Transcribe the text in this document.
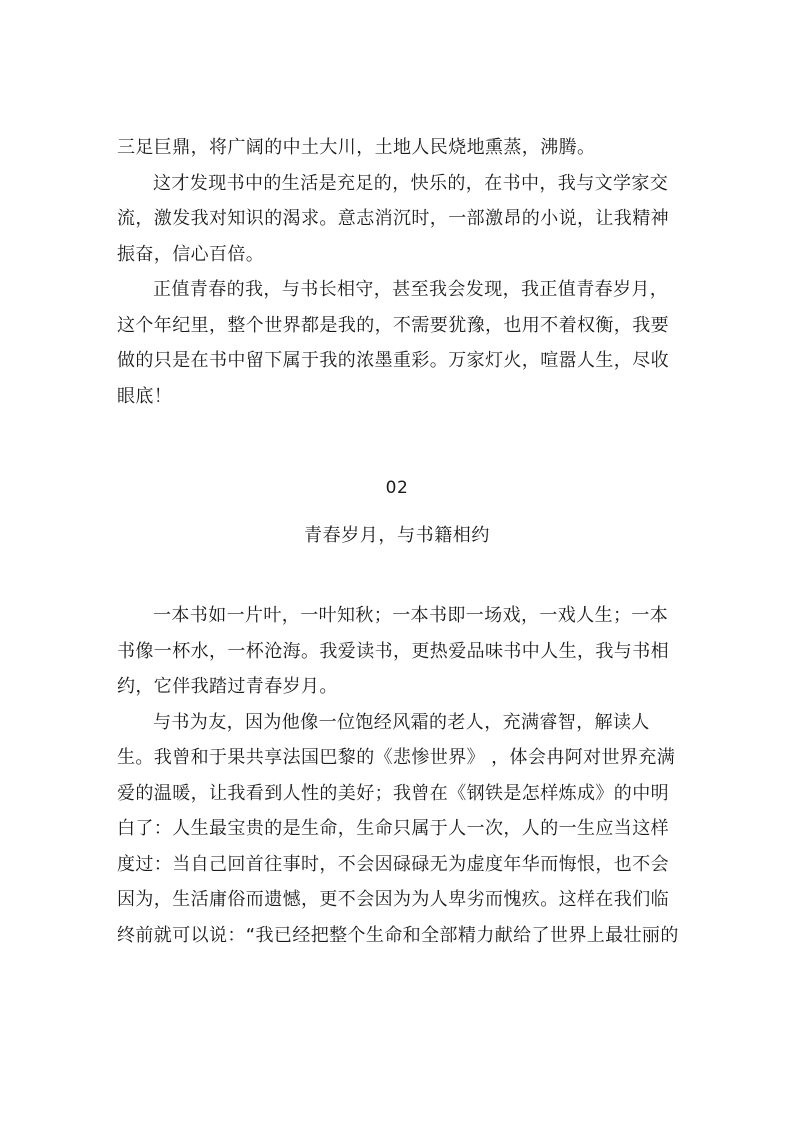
三足巨鼎，将广阔的中土大川，土地人民烧地熏蒸，沸腾。

这才发现书中的生活是充足的，快乐的，在书中，我与文学家交流，激发我对知识的渴求。意志消沉时，一部激昂的小说，让我精神振奋，信心百倍。

正值青春的我，与书长相守，甚至我会发现，我正值青春岁月，这个年纪里，整个世界都是我的，不需要犹豫，也用不着权衡，我要做的只是在书中留下属于我的浓墨重彩。万家灯火，喧嚣人生，尽收眼底！

02
青春岁月，与书籍相约

一本书如一片叶，一叶知秋；一本书即一场戏，一戏人生；一本书像一杯水，一杯沧海。我爱读书，更热爱品味书中人生，我与书相约，它伴我踏过青春岁月。

与书为友，因为他像一位饱经风霜的老人，充满睿智，解读人生。我曾和于果共享法国巴黎的《悲惨世界》 ，体会冉阿对世界充满爱的温暖，让我看到人性的美好；我曾在《钢铁是怎样炼成》的中明白了：人生最宝贵的是生命，生命只属于人一次，人的一生应当这样度过：当自己回首往事时，不会因碌碌无为虚度年华而悔恨，也不会因为，生活庸俗而遗憾，更不会因为为人卑劣而愧疚。这样在我们临终前就可以说：“我已经把整个生命和全部精力献给了世界上最壮丽的
